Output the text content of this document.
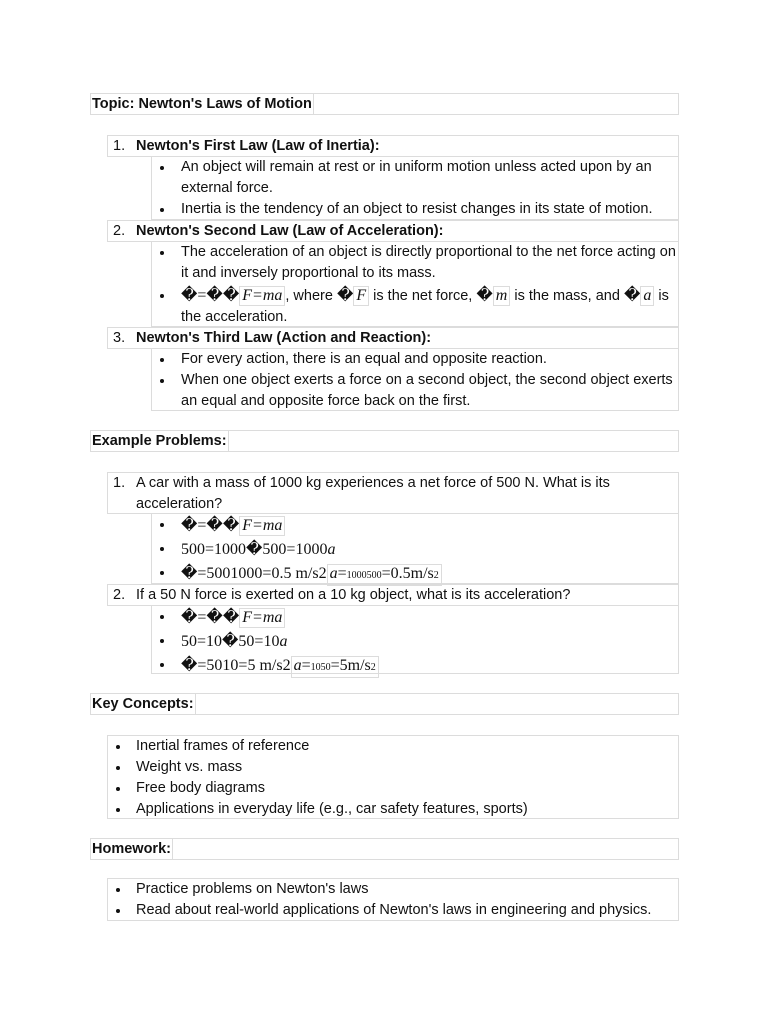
Topic: Newton's Laws of Motion
1. Newton's First Law (Law of Inertia):
An object will remain at rest or in uniform motion unless acted upon by an external force.
Inertia is the tendency of an object to resist changes in its state of motion.
2. Newton's Second Law (Law of Acceleration):
The acceleration of an object is directly proportional to the net force acting on it and inversely proportional to its mass.
�=�� F=ma , where � F is the net force, � m is the mass, and � a is the acceleration.
3. Newton's Third Law (Action and Reaction):
For every action, there is an equal and opposite reaction.
When one object exerts a force on a second object, the second object exerts an equal and opposite force back on the first.
Example Problems:
1. A car with a mass of 1000 kg experiences a net force of 500 N. What is its acceleration?
�=�� F=ma
500=1000�500=1000a
�=5001000=0.5 m/s2 a=1000500=0.5m/s2
2. If a 50 N force is exerted on a 10 kg object, what is its acceleration?
�=�� F=ma
50=10�50=10a
�=5010=5 m/s2 a=1050=5m/s2
Key Concepts:
Inertial frames of reference
Weight vs. mass
Free body diagrams
Applications in everyday life (e.g., car safety features, sports)
Homework:
Practice problems on Newton's laws
Read about real-world applications of Newton's laws in engineering and physics.
